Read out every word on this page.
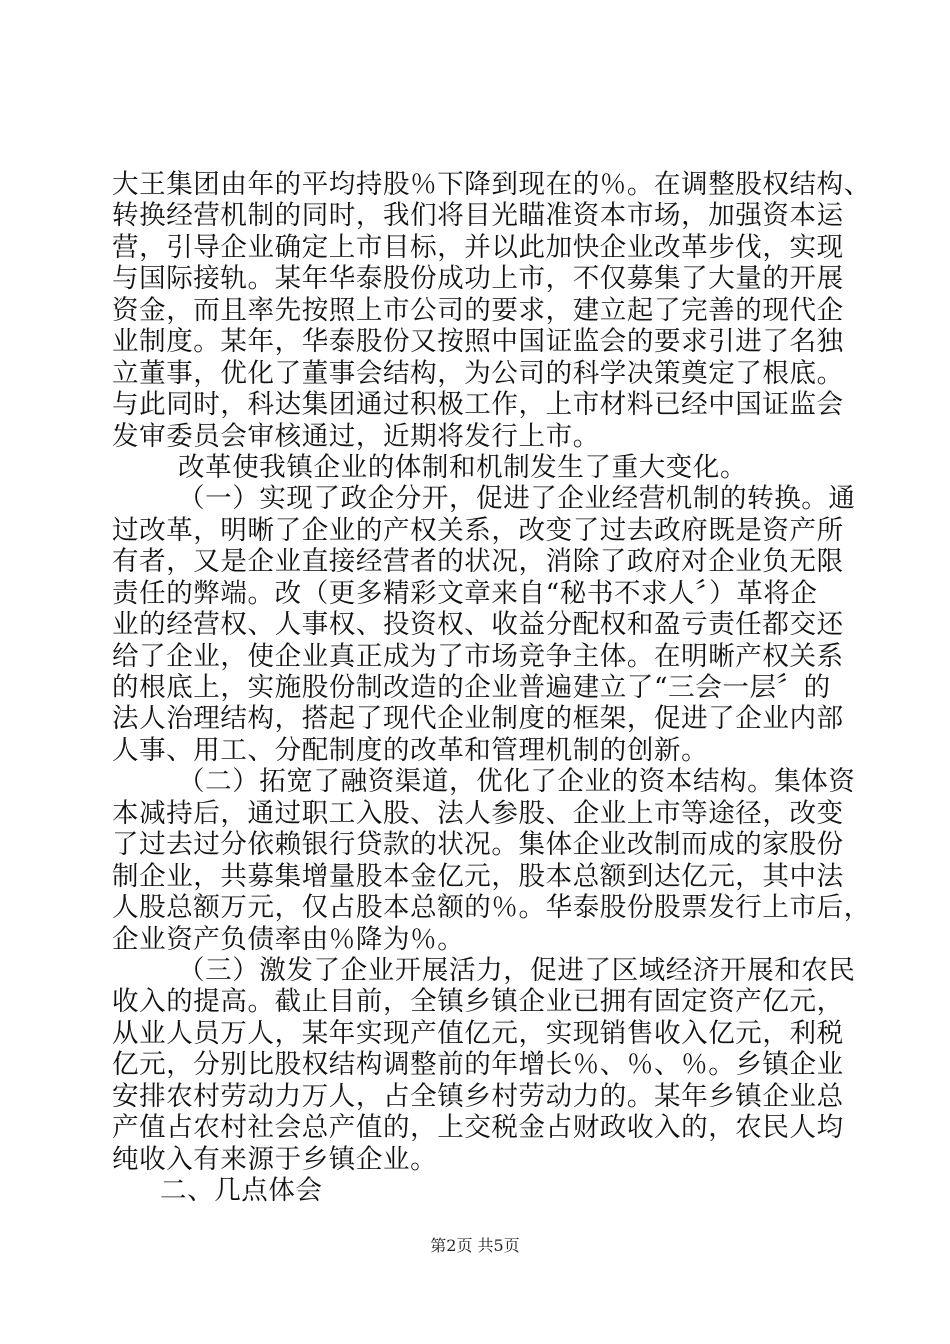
大王集团由年的平均持股％下降到现在的％。在调整股权结构、
转换经营机制的同时，我们将目光瞄准资本市场，加强资本运
营，引导企业确定上市目标，并以此加快企业改革步伐，实现
与国际接轨。某年华泰股份成功上市，不仅募集了大量的开展
资金，而且率先按照上市公司的要求，建立起了完善的现代企
业制度。某年，华泰股份又按照中国证监会的要求引进了名独
立董事，优化了董事会结构，为公司的科学决策奠定了根底。
与此同时，科达集团通过积极工作，上市材料已经中国证监会
发审委员会审核通过，近期将发行上市。
改革使我镇企业的体制和机制发生了重大变化。
（一）实现了政企分开，促进了企业经营机制的转换。通
过改革，明晰了企业的产权关系，改变了过去政府既是资产所
有者，又是企业直接经营者的状况，消除了政府对企业负无限
责任的弊端。改（更多精彩文章来自“秘书不求人〞）革将企
业的经营权、人事权、投资权、收益分配权和盈亏责任都交还
给了企业，使企业真正成为了市场竞争主体。在明晰产权关系
的根底上，实施股份制改造的企业普遍建立了“三会一层〞的
法人治理结构，搭起了现代企业制度的框架，促进了企业内部
人事、用工、分配制度的改革和管理机制的创新。
（二）拓宽了融资渠道，优化了企业的资本结构。集体资
本减持后，通过职工入股、法人参股、企业上市等途径，改变
了过去过分依赖银行贷款的状况。集体企业改制而成的家股份
制企业，共募集增量股本金亿元，股本总额到达亿元，其中法
人股总额万元，仅占股本总额的％。华泰股份股票发行上市后，
企业资产负债率由％降为％。
（三）激发了企业开展活力，促进了区域经济开展和农民
收入的提高。截止目前，全镇乡镇企业已拥有固定资产亿元，
从业人员万人，某年实现产值亿元，实现销售收入亿元，利税
亿元，分别比股权结构调整前的年增长％、％、％。乡镇企业
安排农村劳动力万人，占全镇乡村劳动力的。某年乡镇企业总
产值占农村社会总产值的，上交税金占财政收入的，农民人均
纯收入有来源于乡镇企业。
二、几点体会
第2页 共5页
